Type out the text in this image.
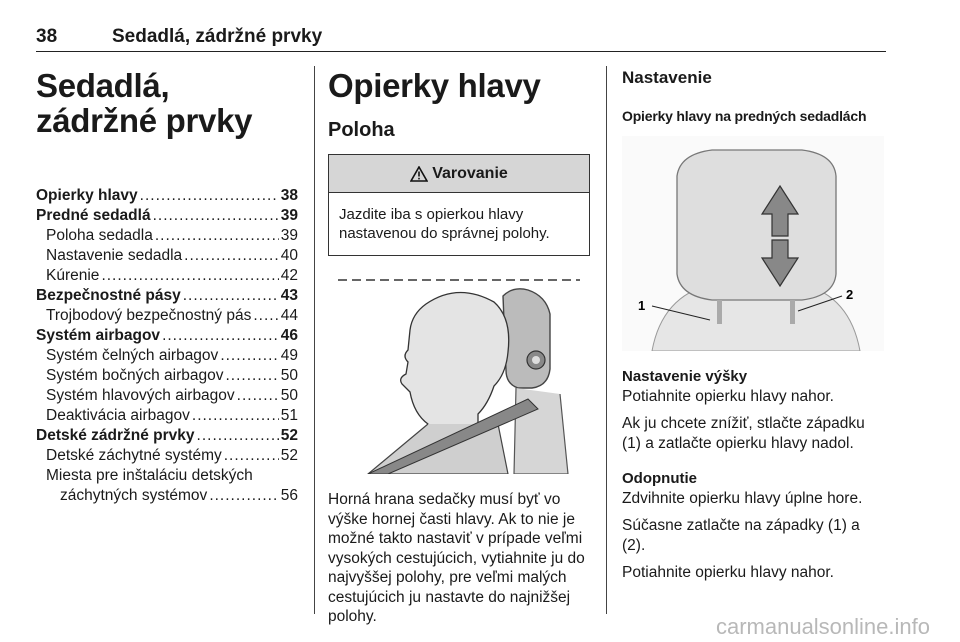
38	Sedadlá, zádržné prvky
Sedadlá, zádržné prvky
Opierky hlavy .....	38
Predné sedadlá .....	39
Poloha sedadla .....	39
Nastavenie sedadla .....	40
Kúrenie .....	42
Bezpečnostné pásy .....	43
Trojbodový bezpečnostný pás ..... 44
Systém airbagov .....	46
Systém čelných airbagov .....	49
Systém bočných airbagov .....	50
Systém hlavových airbagov .....	50
Deaktivácia airbagov .....	51
Detské zádržné prvky .....	52
Detské záchytné systémy .....	52
Miesta pre inštaláciu detských
záchytných systémov .....	56
Opierky hlavy
Poloha
Varovanie
Jazdite iba s opierkou hlavy nastavenou do správnej polohy.
Horná hrana sedačky musí byť vo výške hornej časti hlavy. Ak to nie je možné takto nastaviť v prípade veľmi vysokých cestujúcich, vytiahnite ju do najvyššej polohy, pre veľmi malých cestujúcich ju nastavte do najnižšej polohy.
Nastavenie
Opierky hlavy na predných sedadlách
1
2
Nastavenie výšky
Potiahnite opierku hlavy nahor.
Ak ju chcete znížiť, stlačte západku (1) a zatlačte opierku hlavy nadol.
Odopnutie
Zdvihnite opierku hlavy úplne hore.
Súčasne zatlačte na západky (1) a (2).
Potiahnite opierku hlavy nahor.
carmanualsonline.info
